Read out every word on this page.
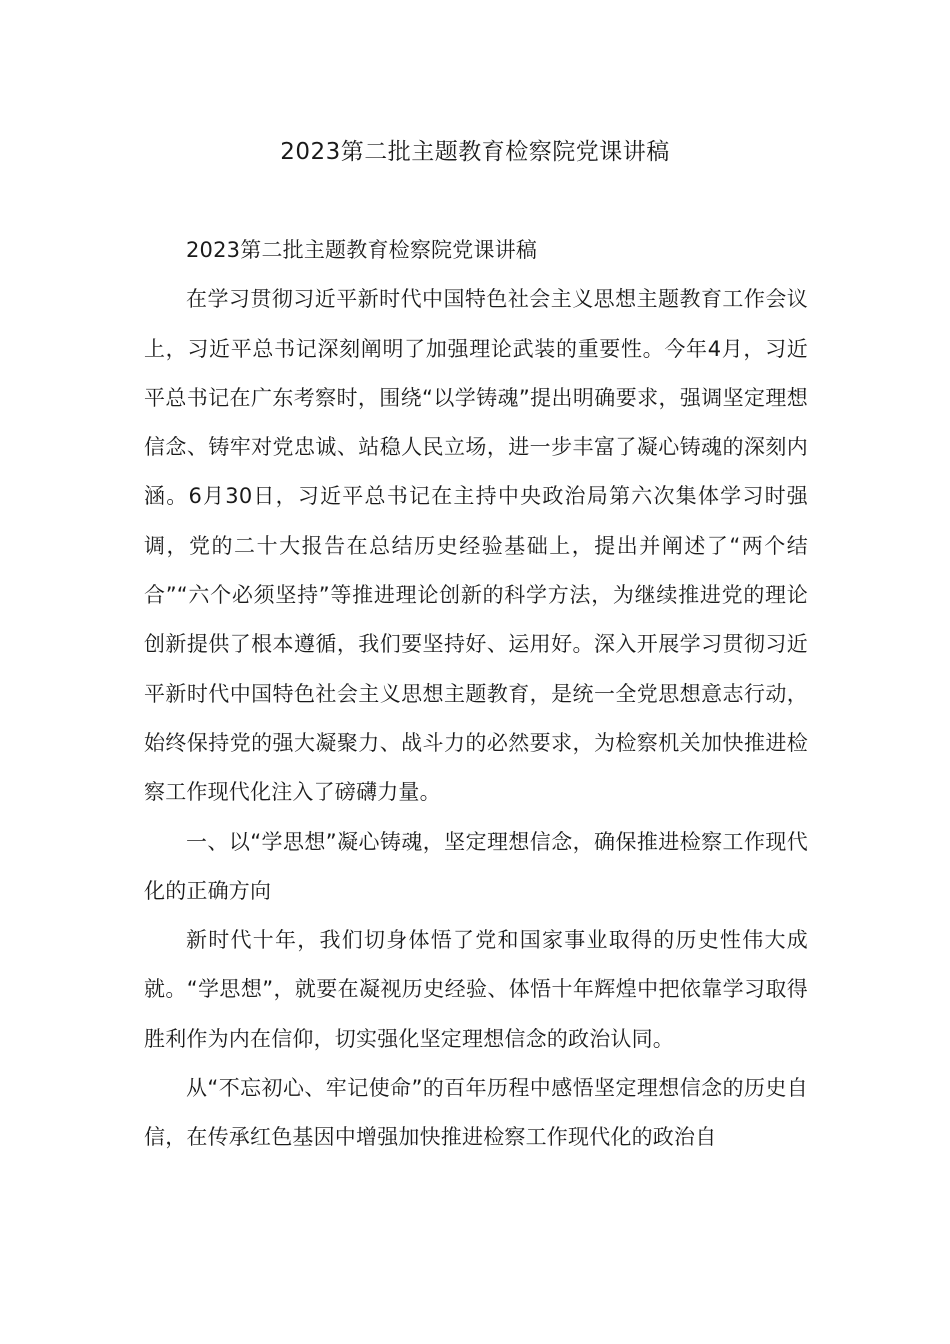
2023第二批主题教育检察院党课讲稿

2023第二批主题教育检察院党课讲稿

在学习贯彻习近平新时代中国特色社会主义思想主题教育工作会议上，习近平总书记深刻阐明了加强理论武装的重要性。今年4月，习近平总书记在广东考察时，围绕“以学铸魂”提出明确要求，强调坚定理想信念、铸牢对党忠诚、站稳人民立场，进一步丰富了凝心铸魂的深刻内涵。6月30日，习近平总书记在主持中央政治局第六次集体学习时强调，党的二十大报告在总结历史经验基础上，提出并阐述了“两个结合”“六个必须坚持”等推进理论创新的科学方法，为继续推进党的理论创新提供了根本遵循，我们要坚持好、运用好。深入开展学习贯彻习近平新时代中国特色社会主义思想主题教育，是统一全党思想意志行动，始终保持党的强大凝聚力、战斗力的必然要求，为检察机关加快推进检察工作现代化注入了磅礴力量。

一、以“学思想”凝心铸魂，坚定理想信念，确保推进检察工作现代化的正确方向

新时代十年，我们切身体悟了党和国家事业取得的历史性伟大成就。“学思想”，就要在凝视历史经验、体悟十年辉煌中把依靠学习取得胜利作为内在信仰，切实强化坚定理想信念的政治认同。

从“不忘初心、牢记使命”的百年历程中感悟坚定理想信念的历史自信，在传承红色基因中增强加快推进检察工作现代化的政治自
